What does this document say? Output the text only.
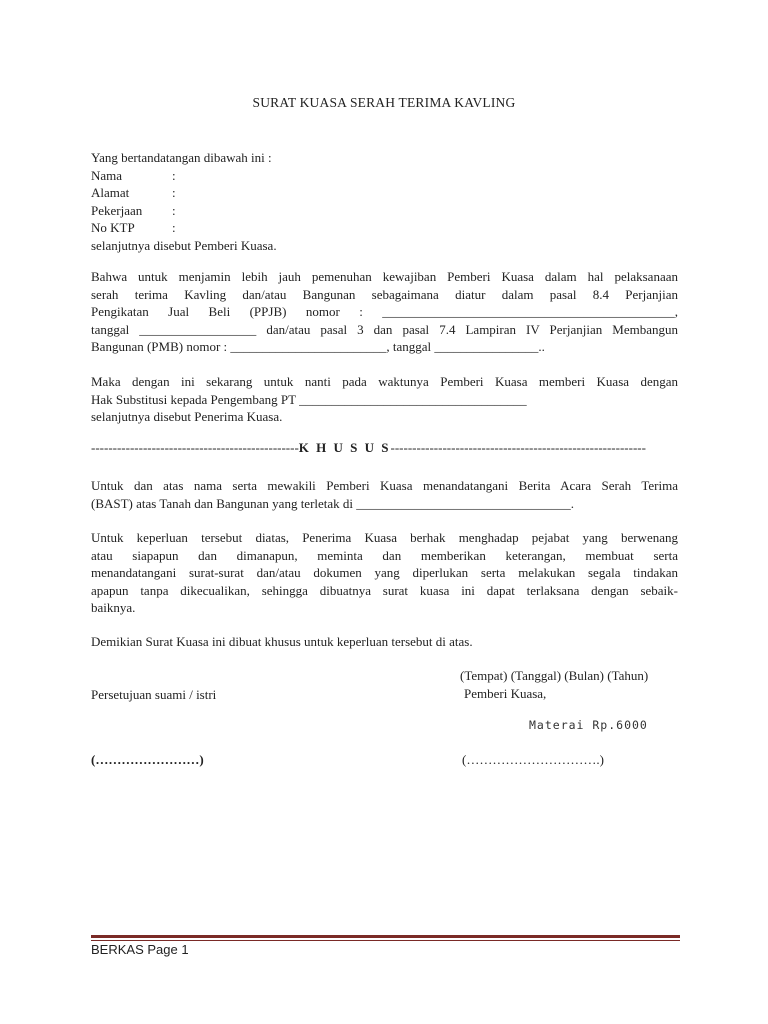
SURAT KUASA SERAH TERIMA KAVLING
Yang bertandatangan dibawah ini :
Nama	:
Alamat	:
Pekerjaan :
No KTP	:
selanjutnya disebut Pemberi Kuasa.
Bahwa untuk menjamin lebih jauh pemenuhan kewajiban Pemberi Kuasa dalam hal pelaksanaan
serah terima Kavling dan/atau Bangunan sebagaimana diatur dalam pasal 8.4 Perjanjian
Pengikatan Jual Beli (PPJB) nomor : _____________________________________________,
tanggal __________________ dan/atau pasal 3 dan pasal 7.4 Lampiran IV Perjanjian Membangun
Bangunan (PMB) nomor : ________________________, tanggal ________________..
Maka dengan ini sekarang untuk nanti pada waktunya Pemberi Kuasa memberi Kuasa dengan
Hak Substitusi kepada Pengembang PT ___________________________________
selanjutnya disebut Penerima Kuasa.
------------------------------------------------K H U S U S-----------------------------------------------------------
Untuk dan atas nama serta mewakili Pemberi Kuasa menandatangani Berita Acara Serah Terima
(BAST) atas Tanah dan Bangunan yang terletak di _________________________________.
Untuk keperluan tersebut diatas, Penerima Kuasa berhak menghadap pejabat yang berwenang
atau siapapun dan dimanapun, meminta dan memberikan keterangan, membuat serta
menandatangani surat-surat dan/atau dokumen yang diperlukan serta melakukan segala tindakan
apapun tanpa dikecualikan, sehingga dibuatnya surat kuasa ini dapat terlaksana dengan sebaik-
baiknya.
Demikian Surat Kuasa ini dibuat khusus untuk keperluan tersebut di atas.
(Tempat) (Tanggal) (Bulan) (Tahun)
Persetujuan suami / istri	Pemberi Kuasa,
Materai Rp.6000
(……………………)	(………………………….)
BERKAS Page 1
